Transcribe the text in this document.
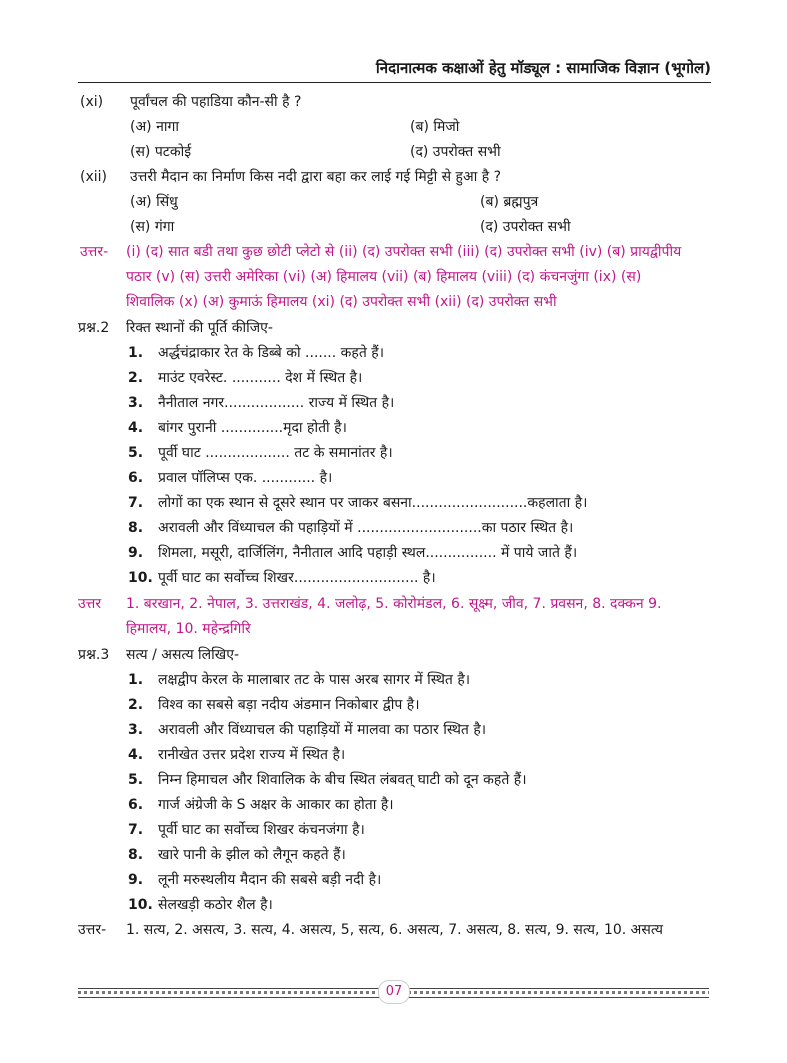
निदानात्मक कक्षाओं हेतु मॉड्यूल : सामाजिक विज्ञान (भूगोल)
(xi) पूर्वांचल की पहाडिया कौन-सी है ?
(अ) नागा	(ब) मिजो
(स) पटकोई	(द) उपरोक्त सभी
(xii) उत्तरी मैदान का निर्माण किस नदी द्वारा बहा कर लाई गई मिट्टी से हुआ है ?
(अ) सिंधु	(ब) ब्रह्मपुत्र
(स) गंगा	(द) उपरोक्त सभी
उत्तर- (i) (द) सात बडी तथा कुछ छोटी प्लेटो से (ii) (द) उपरोक्त सभी (iii) (द) उपरोक्त सभी (iv) (ब) प्रायद्वीपीय
पठार (v) (स) उत्तरी अमेरिका (vi) (अ) हिमालय (vii) (ब) हिमालय (viii) (द) कंचनजुंगा (ix) (स)
शिवालिक (x) (अ) कुमाऊं हिमालय (xi) (द) उपरोक्त सभी (xii) (द) उपरोक्त सभी
प्रश्न.2 रिक्त स्थानों की पूर्ति कीजिए-
1. अर्द्धचंद्राकार रेत के डिब्बे को ....... कहते हैं।
2. माउंट एवरेस्ट. ........... देश में स्थित है।
3. नैनीताल नगर.................. राज्य में स्थित है।
4. बांगर पुरानी ..............मृदा होती है।
5. पूर्वी घाट ................... तट के समानांतर है।
6. प्रवाल पॉलिप्स एक. ............ है।
7. लोगों का एक स्थान से दूसरे स्थान पर जाकर बसना..........................कहलाता है।
8. अरावली और विंध्याचल की पहाड़ियों में ............................का पठार स्थित है।
9. शिमला, मसूरी, दार्जिलिंग, नैनीताल आदि पहाड़ी स्थल................ में पाये जाते हैं।
10. पूर्वी घाट का सर्वोच्च शिखर............................ है।
उत्तर 1. बरखान, 2. नेपाल, 3. उत्तराखंड, 4. जलोढ़, 5. कोरोमंडल, 6. सूक्ष्म, जीव, 7. प्रवसन, 8. दक्कन 9.
हिमालय, 10. महेन्द्रगिरि
प्रश्न.3 सत्य / असत्य लिखिए-
1. लक्षद्वीप केरल के मालाबार तट के पास अरब सागर में स्थित है।
2. विश्व का सबसे बड़ा नदीय अंडमान निकोबार द्वीप है।
3. अरावली और विंध्याचल की पहाड़ियों में मालवा का पठार स्थित है।
4. रानीखेत उत्तर प्रदेश राज्य में स्थित है।
5. निम्न हिमाचल और शिवालिक के बीच स्थित लंबवत् घाटी को दून कहते हैं।
6. गार्ज अंग्रेजी के S अक्षर के आकार का होता है।
7. पूर्वी घाट का सर्वोच्च शिखर कंचनजंगा है।
8. खारे पानी के झील को लैगून कहते हैं।
9. लूनी मरुस्थलीय मैदान की सबसे बड़ी नदी है।
10. सेलखड़ी कठोर शैल है।
उत्तर- 1. सत्य, 2. असत्य, 3. सत्य, 4. असत्य, 5, सत्य, 6. असत्य, 7. असत्य, 8. सत्य, 9. सत्य, 10. असत्य
07
